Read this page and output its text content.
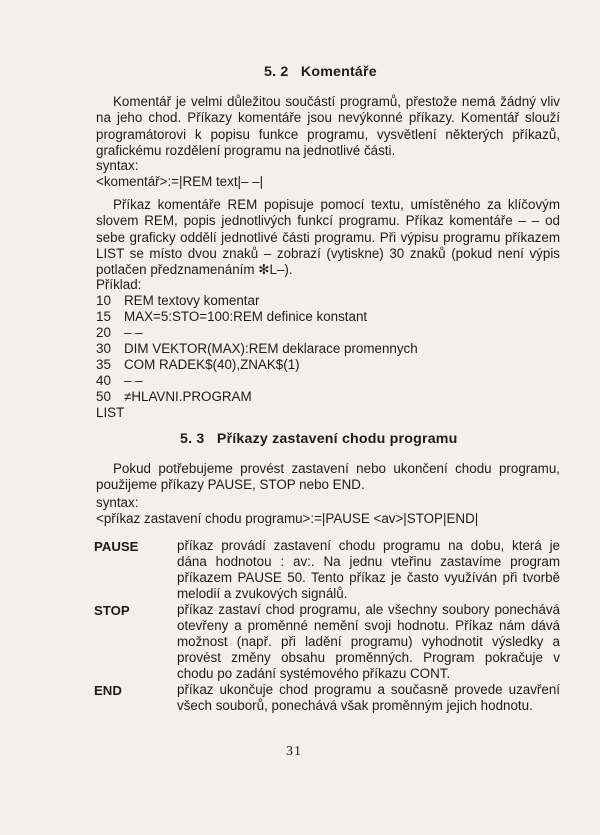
5. 2 Komentáře
Komentář je velmi důležitou součástí programů, přestože nemá žádný vliv na jeho chod. Příkazy komentáře jsou nevýkonné příkazy. Komentář slouží programátorovi k popisu funkce programu, vysvětlení některých příkazů, grafickému rozdělení programu na jednotlivé části.
syntax:
<komentář>:=|REM text|– –|
Příkaz komentáře REM popisuje pomocí textu, umístěného za klíčovým slovem REM, popis jednotlivých funkcí programu. Příkaz komentáře – – od sebe graficky oddělí jednotlivé části programu. Při výpisu programu příkazem LIST se místo dvou znaků – zobrazí (vytiskne) 30 znaků (pokud není výpis potlačen předznamenáním ✻L–).
Příklad:
10 REM textovy komentar
15 MAX=5:STO=100:REM definice konstant
20 – –
30 DIM VEKTOR(MAX):REM deklarace promennych
35 COM RADEK$(40),ZNAK$(1)
40 – –
50 ≠HLAVNI.PROGRAM
LIST
5. 3 Příkazy zastavení chodu programu
Pokud potřebujeme provést zastavení nebo ukončení chodu programu, použijeme příkazy PAUSE, STOP nebo END.
syntax:
<příkaz zastavení chodu programu>:=|PAUSE <av>|STOP|END|
PAUSE	příkaz provádí zastavení chodu programu na dobu, která je dána hodnotou : av:. Na jednu vteřinu zastavíme program příkazem PAUSE 50. Tento příkaz je často využíván při tvorbě melodií a zvukových signálů.
STOP	příkaz zastaví chod programu, ale všechny soubory ponechává otevřeny a proměnné nemění svoji hodnotu. Příkaz nám dává možnost (např. při ladění programu) vyhodnotit výsledky a provést změny obsahu proměnných. Program pokračuje v chodu po zadání systémového příkazu CONT.
END	příkaz ukončuje chod programu a současně provede uzavření všech souborů, ponechává však proměnným jejich hodnotu.
31
